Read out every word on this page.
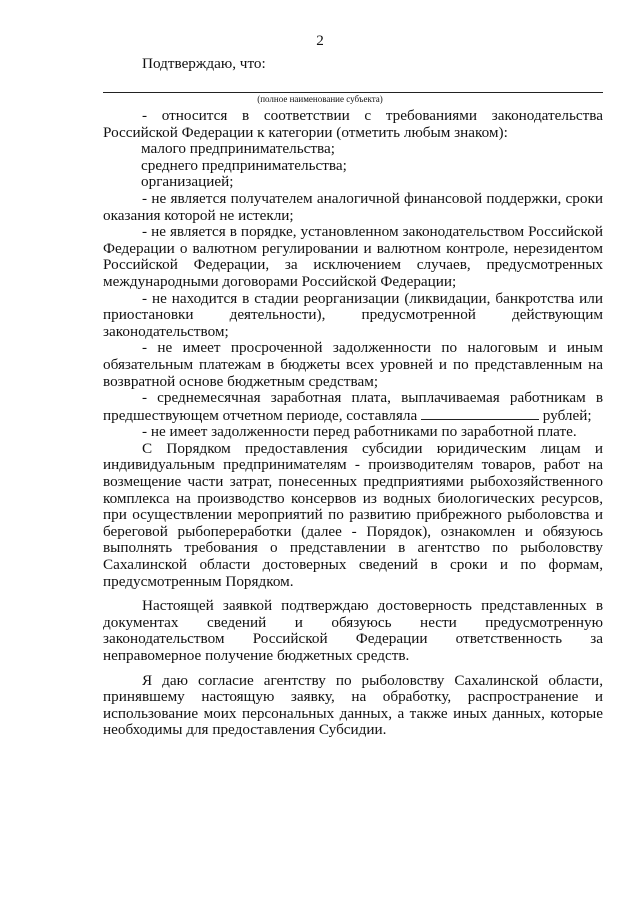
2
Подтверждаю, что:
(полное наименование субъекта)

- относится в соответствии с требованиями законодательства Российской Федерации к категории (отметить любым знаком):

малого предпринимательства;

среднего предпринимательства;

организацией;

- не является получателем аналогичной финансовой поддержки, сроки оказания которой не истекли;

- не является в порядке, установленном законодательством Российской Федерации о валютном регулировании и валютном контроле, нерезидентом Российской Федерации, за исключением случаев, предусмотренных международными договорами Российской Федерации;

- не находится в стадии реорганизации (ликвидации, банкротства или приостановки деятельности), предусмотренной действующим законодательством;

- не имеет просроченной задолженности по налоговым и иным обязательным платежам в бюджеты всех уровней и по представленным на возвратной основе бюджетным средствам;

- среднемесячная заработная плата, выплачиваемая работникам в предшествующем отчетном периоде, составляла	рублей;

- не имеет задолженности перед работниками по заработной плате.

С Порядком предоставления субсидии юридическим лицам и индивидуальным предпринимателям - производителям товаров, работ на возмещение части затрат, понесенных предприятиями рыбохозяйственного комплекса на производство консервов из водных биологических ресурсов, при осуществлении мероприятий по развитию прибрежного рыболовства и береговой рыбопереработки (далее - Порядок), ознакомлен и обязуюсь выполнять требования о представлении в агентство по рыболовству Сахалинской области достоверных сведений в сроки и по формам, предусмотренным Порядком.

Настоящей заявкой подтверждаю достоверность представленных в документах сведений и обязуюсь нести предусмотренную законодательством Российской Федерации ответственность за неправомерное получение бюджетных средств.

Я даю согласие агентству по рыболовству Сахалинской области, принявшему настоящую заявку, на обработку, распространение и использование моих персональных данных, а также иных данных, которые необходимы для предоставления Субсидии.
